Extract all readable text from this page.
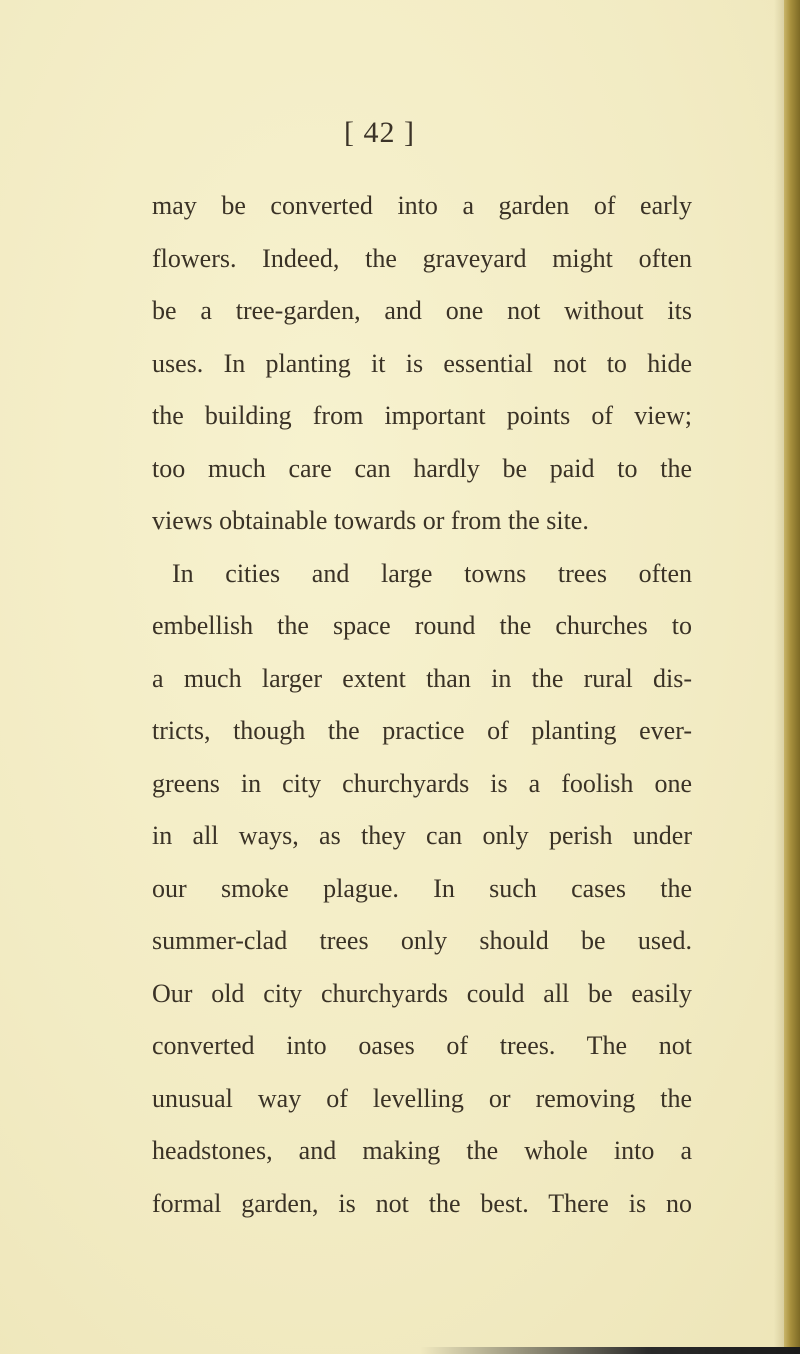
[ 42 ]
may be converted into a garden of early
flowers. Indeed, the graveyard might often
be a tree-garden, and one not without its
uses. In planting it is essential not to hide
the building from important points of view;
too much care can hardly be paid to the
views obtainable towards or from the site.
In cities and large towns trees often
embellish the space round the churches to
a much larger extent than in the rural dis-
tricts, though the practice of planting ever-
greens in city churchyards is a foolish one
in all ways, as they can only perish under
our smoke plague. In such cases the
summer-clad trees only should be used.
Our old city churchyards could all be easily
converted into oases of trees. The not
unusual way of levelling or removing the
headstones, and making the whole into a
formal garden, is not the best. There is no
